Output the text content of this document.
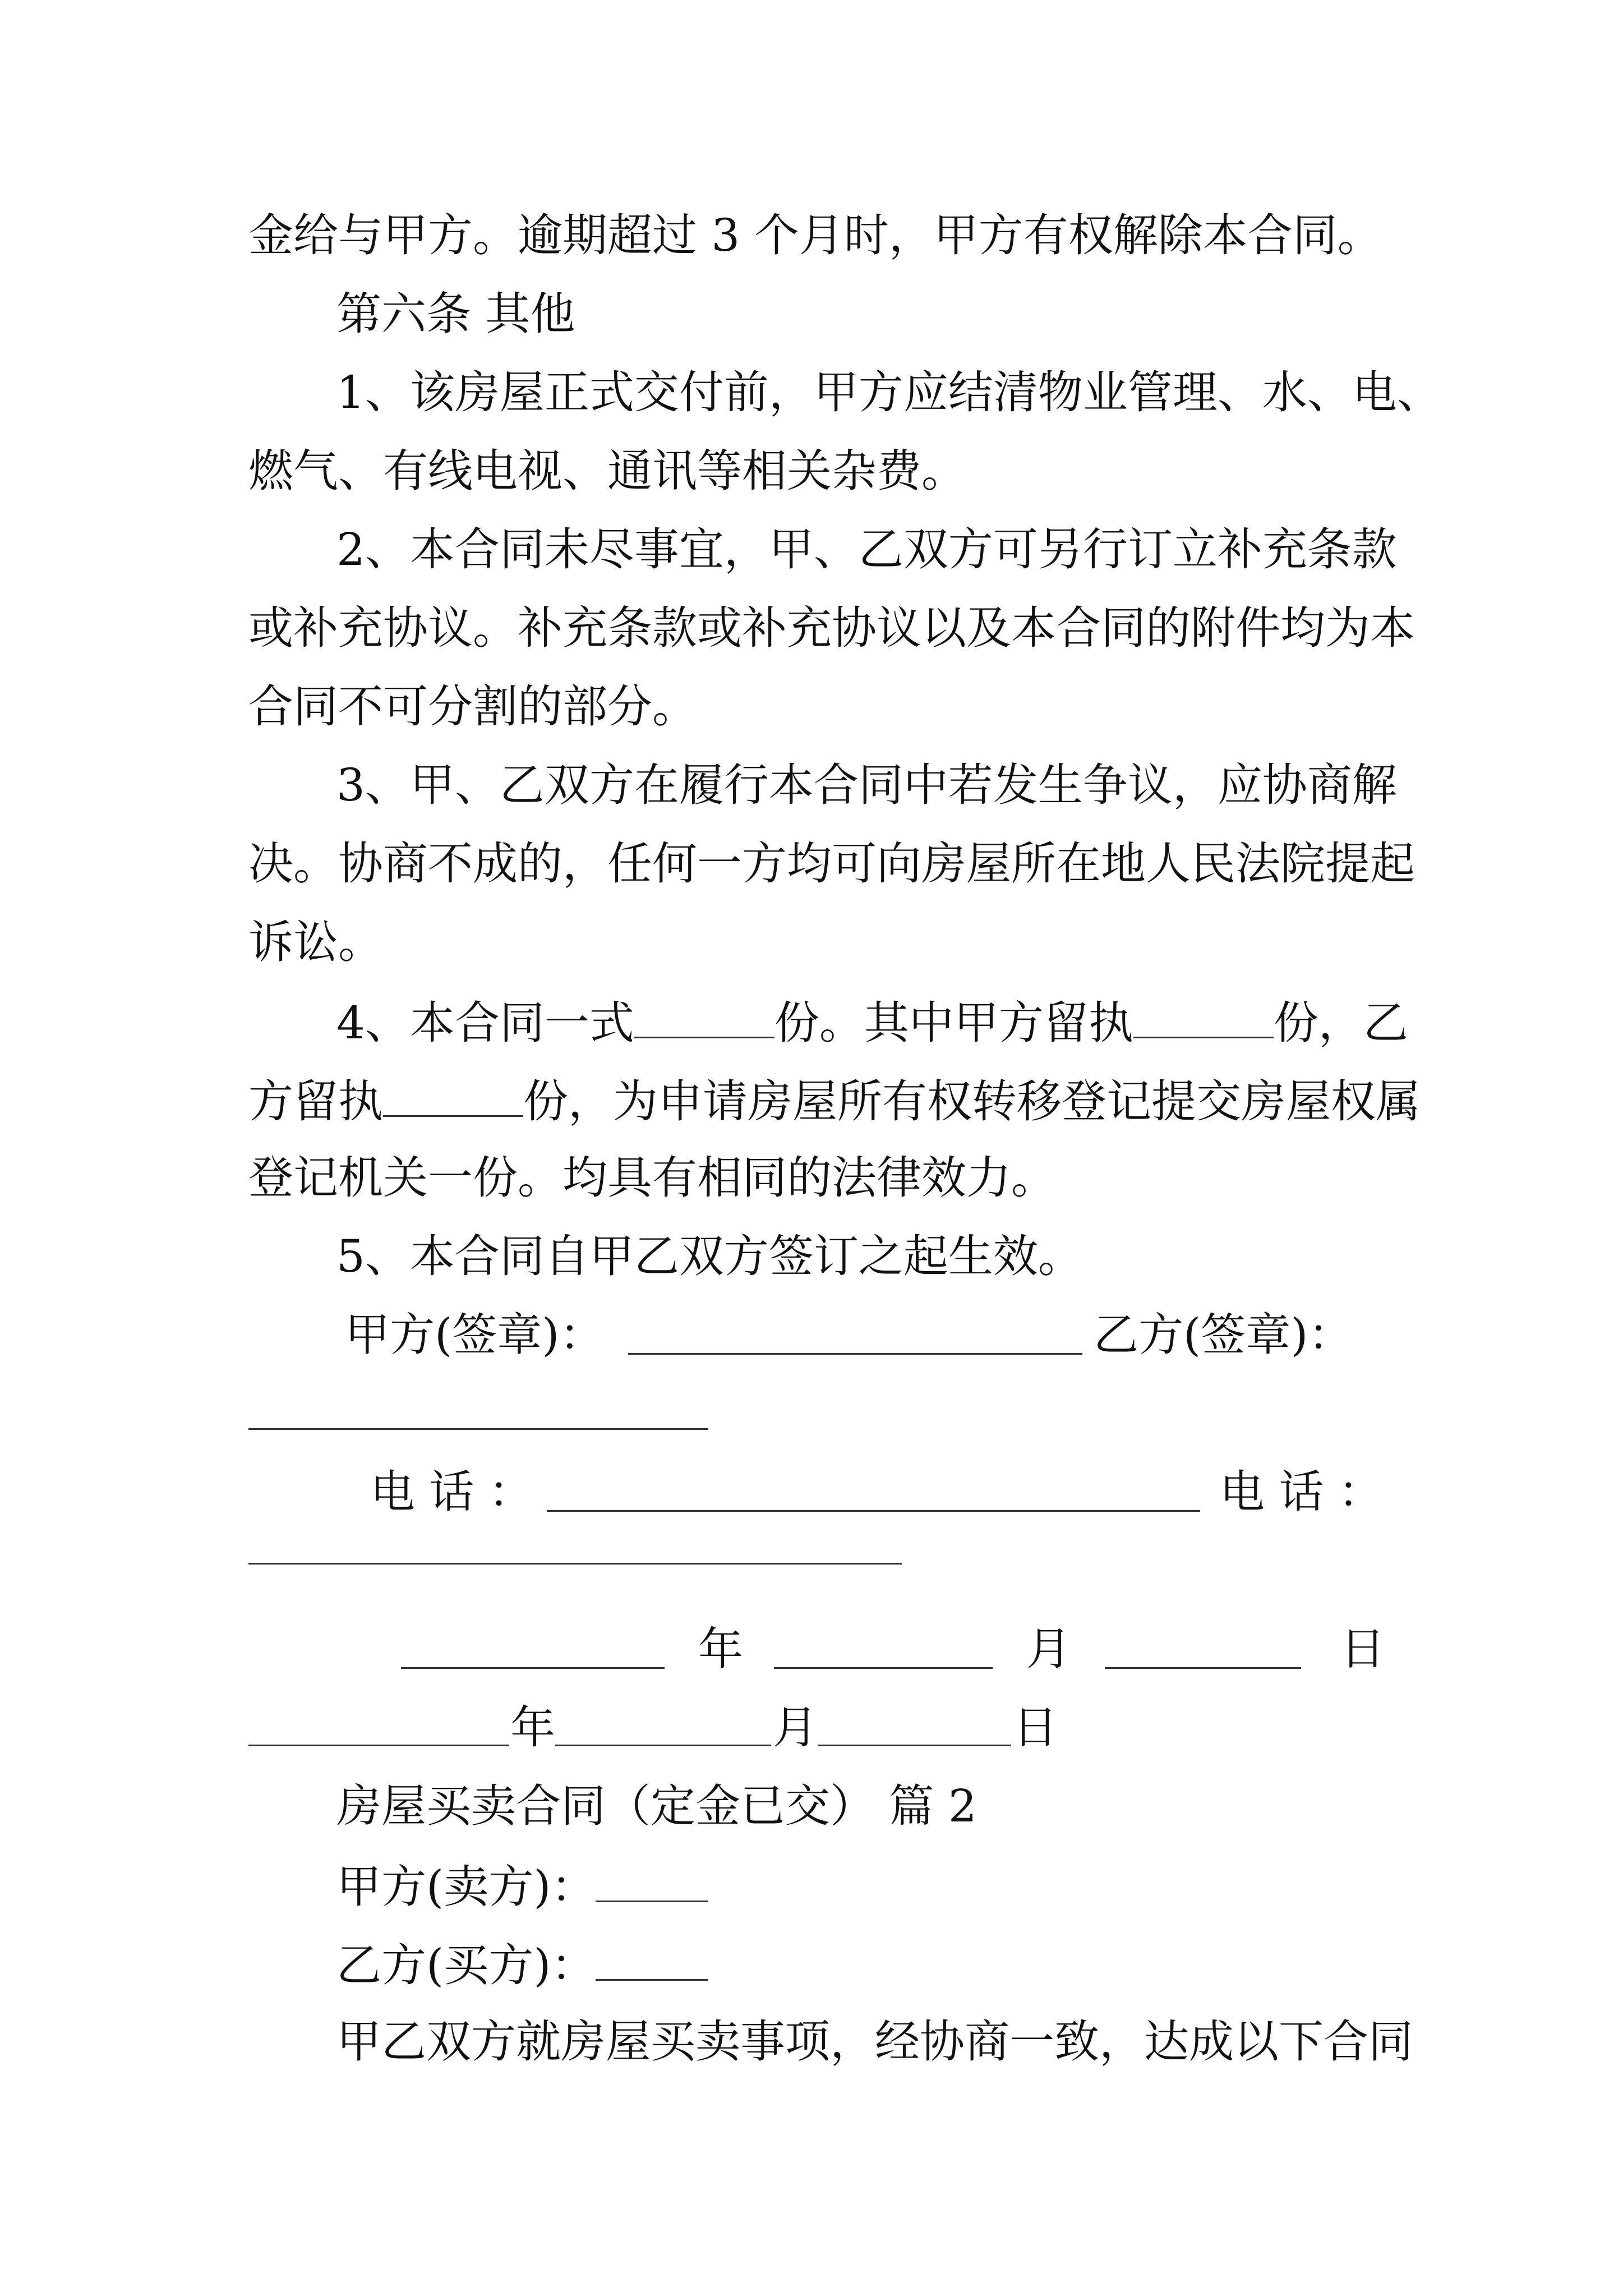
金给与甲方。逾期超过 3 个月时，甲方有权解除本合同。
第六条 其他
1、该房屋正式交付前，甲方应结清物业管理、水、电、
燃气、有线电视、通讯等相关杂费。
2、本合同未尽事宜，甲、乙双方可另行订立补充条款
或补充协议。补充条款或补充协议以及本合同的附件均为本
合同不可分割的部分。
3、甲、乙双方在履行本合同中若发生争议，应协商解
决。协商不成的，任何一方均可向房屋所在地人民法院提起
诉讼。
4、本合同一式	份。其中甲方留执	份，乙
方留执	份，为申请房屋所有权转移登记提交房屋权属
登记机关一份。均具有相同的法律效力。
5、本合同自甲乙双方签订之起生效。
甲方(签章)：	乙方(签章)：
电 话 ：	电 话 ：
年	月	日
年	月	日
房屋买卖合同（定金已交） 篇 2
甲方(卖方)：
乙方(买方)：
甲乙双方就房屋买卖事项，经协商一致，达成以下合同
